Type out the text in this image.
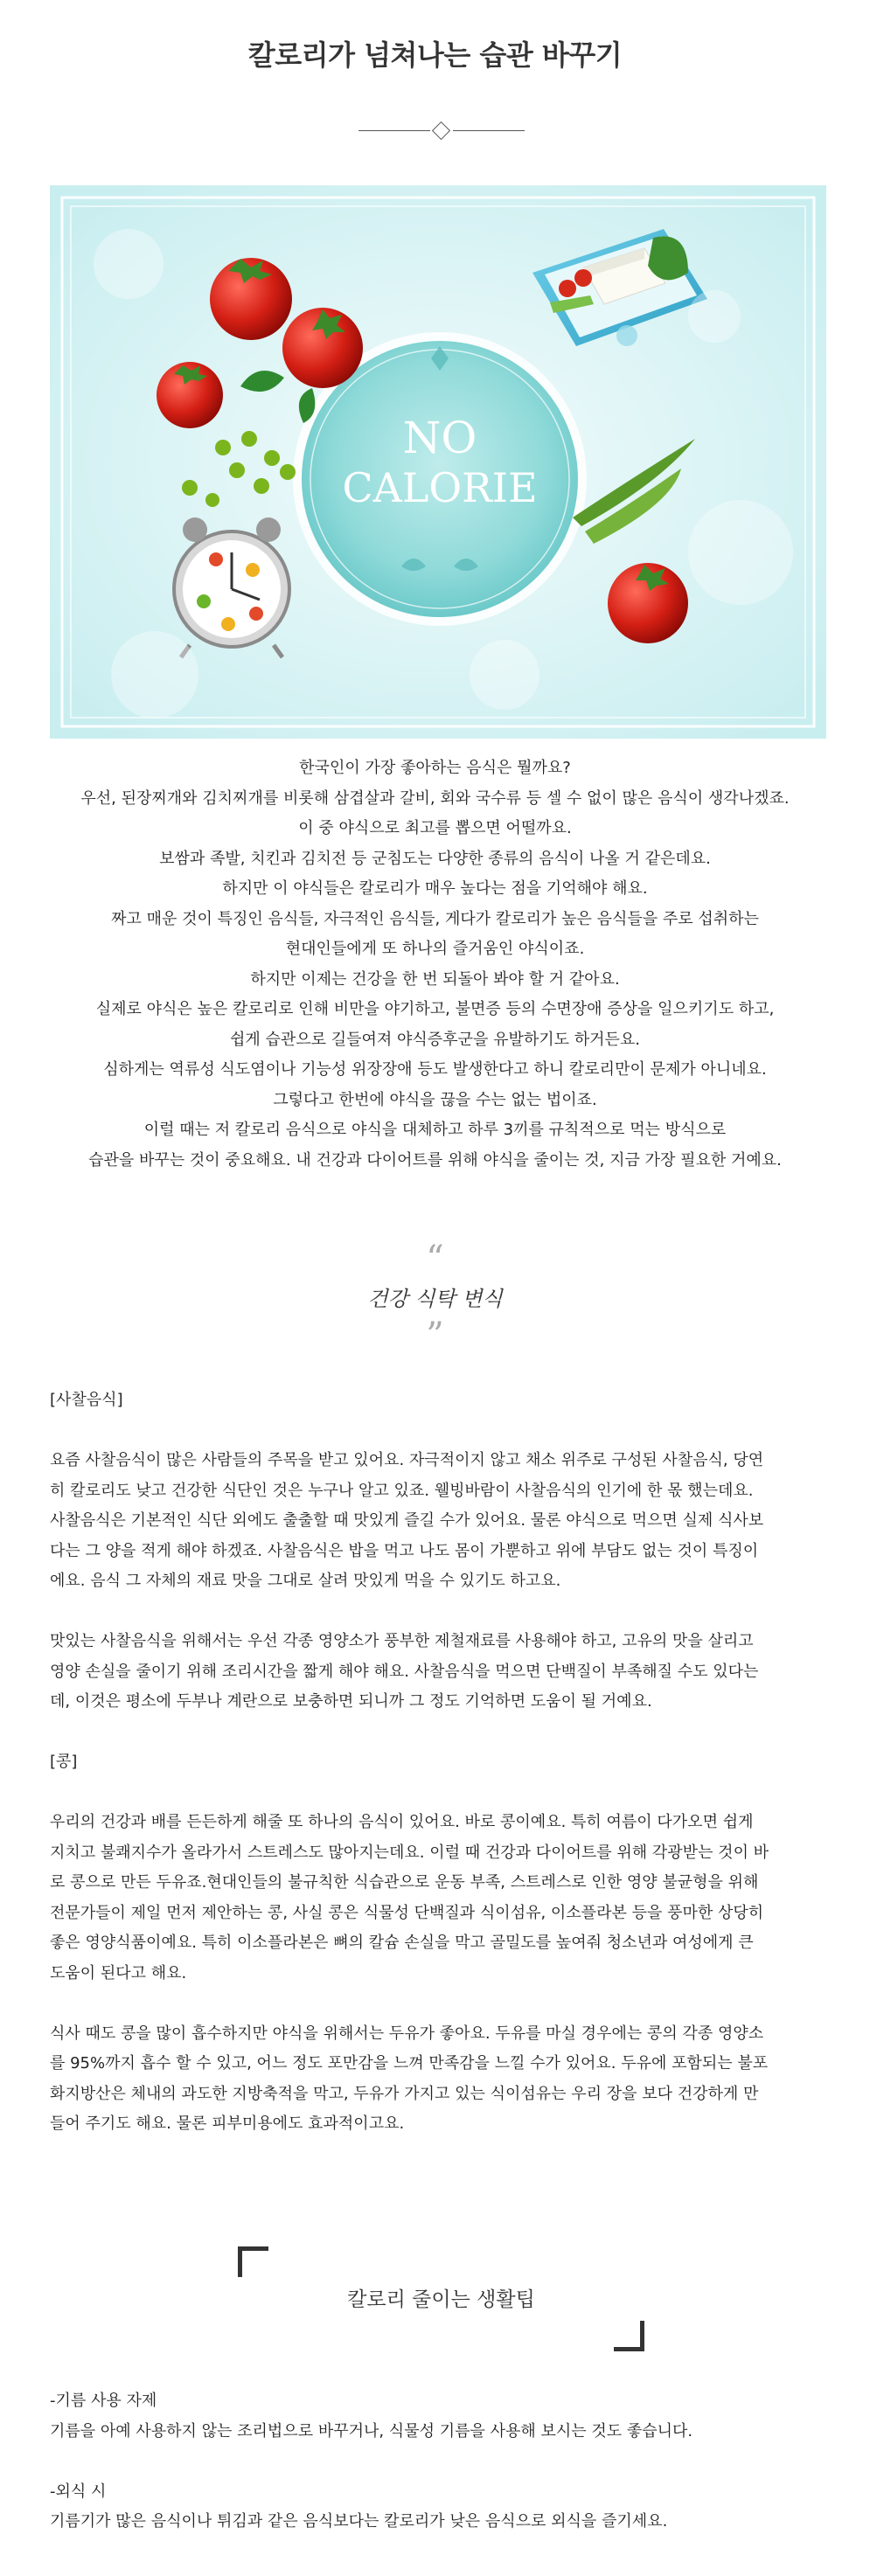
칼로리가 넘쳐나는 습관 바꾸기
NO
CALORIE

한국인이 가장 좋아하는 음식은 뭘까요?

우선, 된장찌개와 김치찌개를 비롯해 삼겹살과 갈비, 회와 국수류 등 셀 수 없이 많은 음식이 생각나겠죠.

이 중 야식으로 최고를 뽑으면 어떨까요.

보쌈과 족발, 치킨과 김치전 등 군침도는 다양한 종류의 음식이 나올 거 같은데요.

하지만 이 야식들은 칼로리가 매우 높다는 점을 기억해야 해요.

짜고 매운 것이 특징인 음식들, 자극적인 음식들, 게다가 칼로리가 높은 음식들을 주로 섭취하는

현대인들에게 또 하나의 즐거움인 야식이죠.

하지만 이제는 건강을 한 번 되돌아 봐야 할 거 같아요.

실제로 야식은 높은 칼로리로 인해 비만을 야기하고, 불면증 등의 수면장애 증상을 일으키기도 하고,

쉽게 습관으로 길들여져 야식증후군을 유발하기도 하거든요.

심하게는 역류성 식도염이나 기능성 위장장애 등도 발생한다고 하니 칼로리만이 문제가 아니네요.

그렇다고 한번에 야식을 끊을 수는 없는 법이죠.

이럴 때는 저 칼로리 음식으로 야식을 대체하고 하루 3끼를 규칙적으로 먹는 방식으로

습관을 바꾸는 것이 중요해요. 내 건강과 다이어트를 위해 야식을 줄이는 것, 지금 가장 필요한 거예요.

“
건강 식탁 변식
”

[사찰음식]

요즘 사찰음식이 많은 사람들의 주목을 받고 있어요. 자극적이지 않고 채소 위주로 구성된 사찰음식, 당연

히 칼로리도 낮고 건강한 식단인 것은 누구나 알고 있죠. 웰빙바람이 사찰음식의 인기에 한 몫 했는데요.

사찰음식은 기본적인 식단 외에도 출출할 때 맛있게 즐길 수가 있어요. 물론 야식으로 먹으면 실제 식사보

다는 그 양을 적게 해야 하겠죠. 사찰음식은 밥을 먹고 나도 몸이 가뿐하고 위에 부담도 없는 것이 특징이

에요. 음식 그 자체의 재료 맛을 그대로 살려 맛있게 먹을 수 있기도 하고요.

맛있는 사찰음식을 위해서는 우선 각종 영양소가 풍부한 제철재료를 사용해야 하고, 고유의 맛을 살리고

영양 손실을 줄이기 위해 조리시간을 짧게 해야 해요. 사찰음식을 먹으면 단백질이 부족해질 수도 있다는

데, 이것은 평소에 두부나 계란으로 보충하면 되니까 그 정도 기억하면 도움이 될 거예요.

[콩]

우리의 건강과 배를 든든하게 해줄 또 하나의 음식이 있어요. 바로 콩이예요. 특히 여름이 다가오면 쉽게

지치고 불쾌지수가 올라가서 스트레스도 많아지는데요. 이럴 때 건강과 다이어트를 위해 각광받는 것이 바

로 콩으로 만든 두유죠.현대인들의 불규칙한 식습관으로 운동 부족, 스트레스로 인한 영양 불균형을 위해

전문가들이 제일 먼저 제안하는 콩, 사실 콩은 식물성 단백질과 식이섬유, 이소플라본 등을 풍마한 상당히

좋은 영양식품이예요. 특히 이소플라본은 뼈의 칼슘 손실을 막고 골밀도를 높여줘 청소년과 여성에게 큰

도움이 된다고 해요.

식사 때도 콩을 많이 흡수하지만 야식을 위해서는 두유가 좋아요. 두유를 마실 경우에는 콩의 각종 영양소

를 95%까지 흡수 할 수 있고, 어느 정도 포만감을 느껴 만족감을 느낄 수가 있어요. 두유에 포함되는 불포

화지방산은 체내의 과도한 지방축적을 막고, 두유가 가지고 있는 식이섬유는 우리 장을 보다 건강하게 만

들어 주기도 해요. 물론 피부미용에도 효과적이고요.

칼로리 줄이는 생활팁

-기름 사용 자제

기름을 아예 사용하지 않는 조리법으로 바꾸거나, 식물성 기름을 사용해 보시는 것도 좋습니다.

-외식 시

기름기가 많은 음식이나 튀김과 같은 음식보다는 칼로리가 낮은 음식으로 외식을 즐기세요.
